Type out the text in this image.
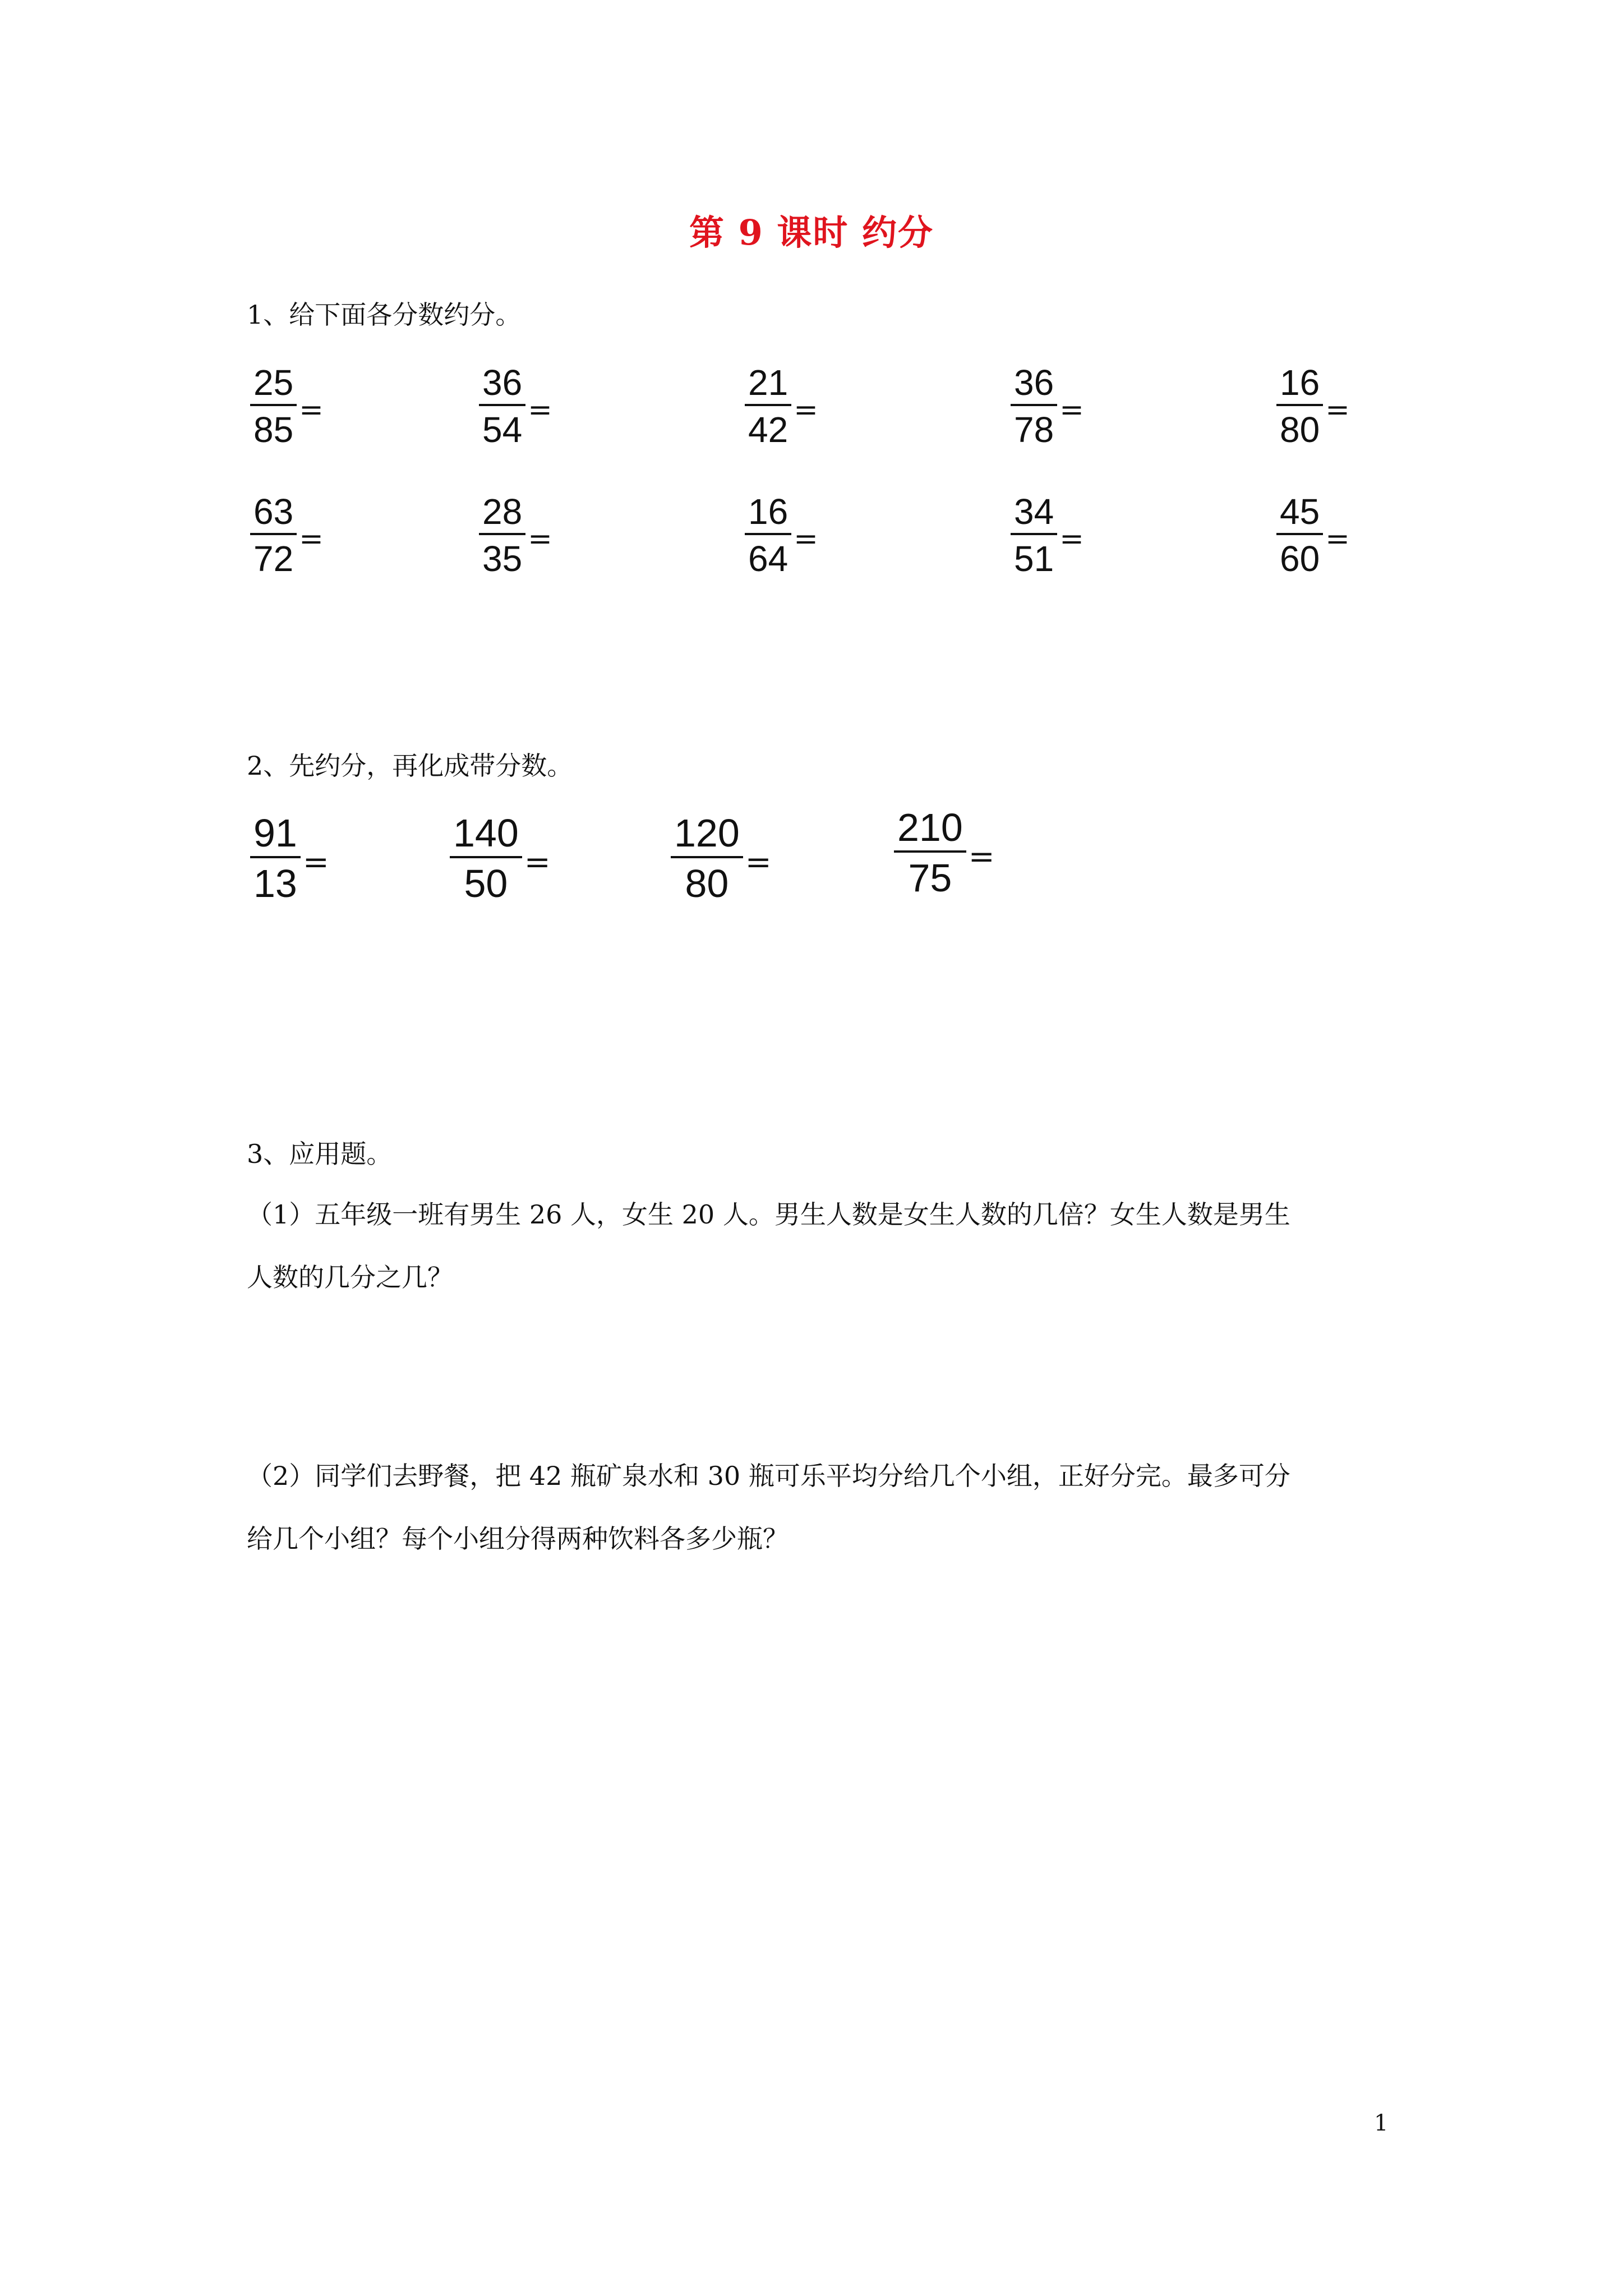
第 9 课时 约分
1、给下面各分数约分。
$\frac{25}{85}$ =	$\frac{36}{54}$ =	$\frac{21}{42}$ =	$\frac{36}{78}$ =	$\frac{16}{80}$ =
$\frac{63}{72}$ =	$\frac{28}{35}$ =	$\frac{16}{64}$ =	$\frac{34}{51}$ =	$\frac{45}{60}$ =
2、先约分，再化成带分数。
$\frac{91}{13}$ =	$\frac{140}{50}$ =	$\frac{120}{80}$ =	$\frac{210}{75}$ =
3、应用题。
（1）五年级一班有男生 26 人，女生 20 人。男生人数是女生人数的几倍？女生人数是男生
人数的几分之几？
（2）同学们去野餐，把 42 瓶矿泉水和 30 瓶可乐平均分给几个小组，正好分完。最多可分
给几个小组？每个小组分得两种饮料各多少瓶？
1
